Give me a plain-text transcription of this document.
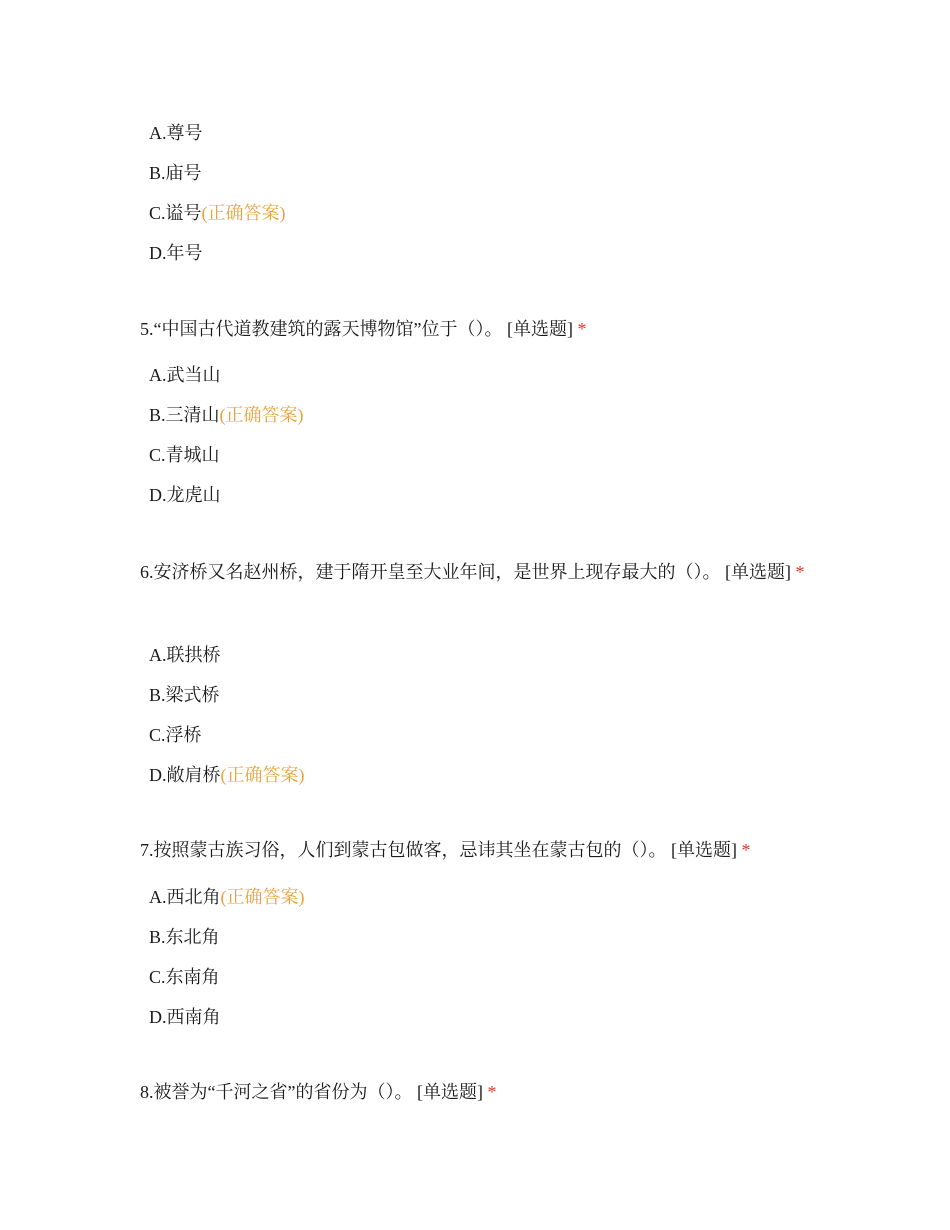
A.尊号
B.庙号
C.谥号(正确答案)
D.年号
5.“中国古代道教建筑的露天博物馆”位于（）。 [单选题] *
A.武当山
B.三清山(正确答案)
C.青城山
D.龙虎山
6.安济桥又名赵州桥，建于隋开皇至大业年间，是世界上现存最大的（）。 [单选题] *
A.联拱桥
B.梁式桥
C.浮桥
D.敞肩桥(正确答案)
7.按照蒙古族习俗，人们到蒙古包做客，忌讳其坐在蒙古包的（）。 [单选题] *
A.西北角(正确答案)
B.东北角
C.东南角
D.西南角
8.被誉为“千河之省”的省份为（）。 [单选题] *
